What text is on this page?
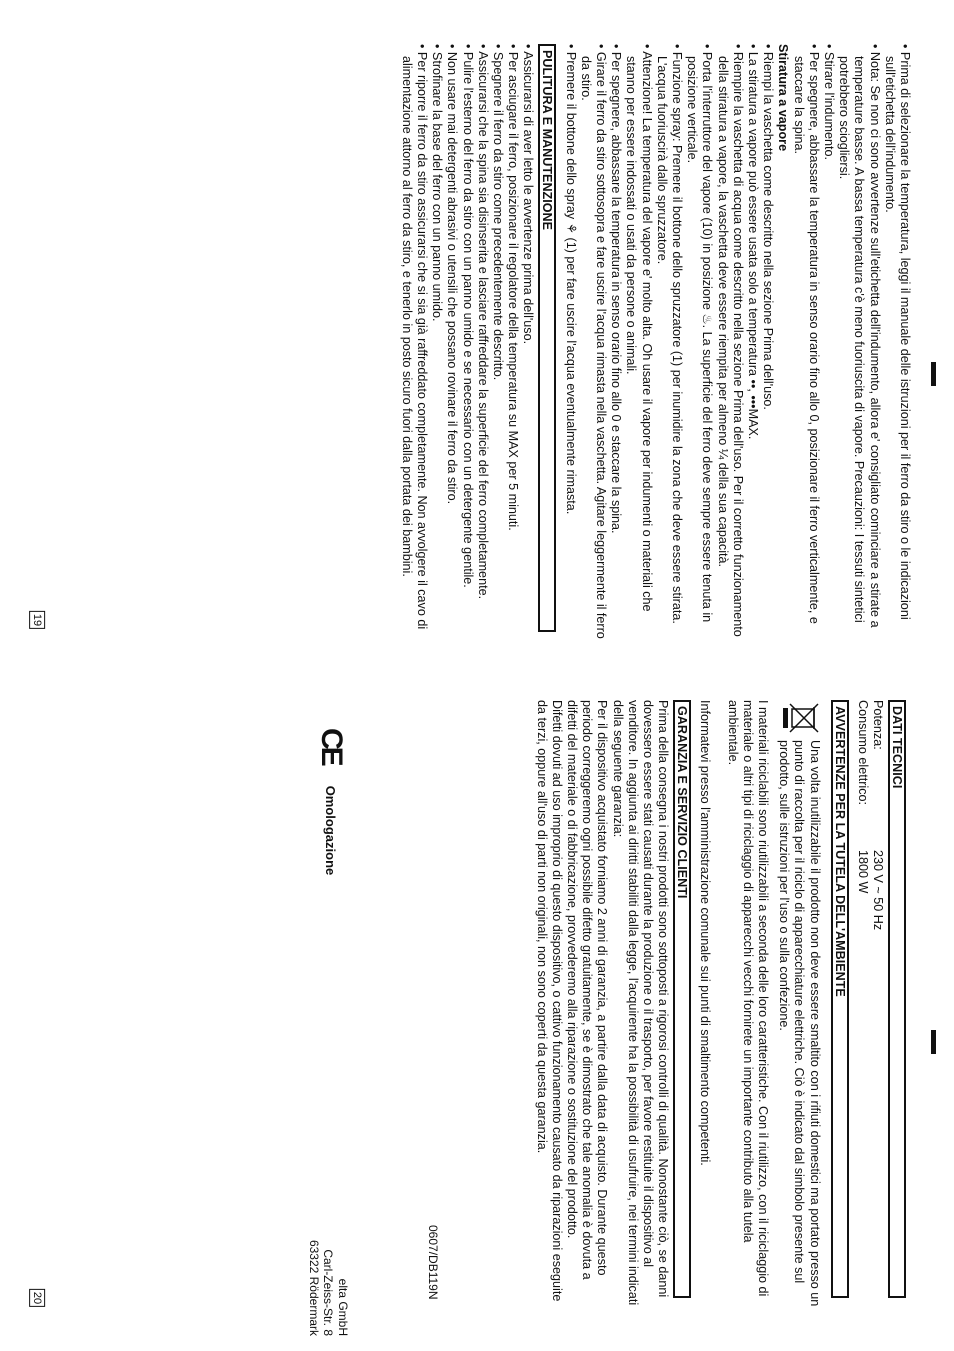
• Prima di selezionare la temperatura, leggi il manuale delle istruzioni per il ferro da stiro o le indicazioni sull'etichetta dell'indumento.

• Nota: Se non ci sono avvertenze sull'etichetta dell'indumento, allora e' consigliato cominciare a stirate a temperature basse. A bassa temperatura c'è meno fuoriuscita di vapore. Precauzioni: I tessuti sintetici potrebbero sciogliersi.

• Stirare l'indumento.

• Per spegnere, abbassare la temperatura in senso orario fino allo 0, posizionare il ferro verticalmente, e staccare la spina.

Stiratura a vapore

• Riempi la vaschetta come descritto nella sezione Prima dell'uso.

• La stiratura a vapore può essere usata solo a temperatura ••, •••MAX.

• Riempire la vaschetta di acqua come descritto nella sezione Prima dell'uso. Per il corretto funzionamento della stiratura a vapore, la vaschetta deve essere riempita per almeno ¼ della sua capacità.

• Porta l'interruttore del vapore (10) in posizione ♨. La superficie del ferro deve sempre essere tenuta in posizione verticale.

• Funzione spray: Premere il bottone dello spruzzatore (1) per inumidire la zona che deve essere stirata. L'acqua fuoriuscirà dallo spruzzatore.

• Attenzione! La temperatura del vapore e' molto alta. Oh usare il vapore per indumenti o materiali che stanno per essere indossati o usati da persone o animali.

• Per spegnere, abbassare la temperatura in senso orario fino allo 0 e staccare la spina.

• Girare il ferro da stiro sottosopra e fare uscire l'acqua rimasta nella vaschetta. Agitare leggermente il ferro da stiro.

• Premere il bottone dello spray ⚘ (1) per fare uscire l'acqua eventualmente rimasta.

PULITURA E MANUTENZIONE

• Assicurarsi di aver letto le avvertenze prima dell'uso.

• Per asciugare il ferro, posizionare il regolatore della temperatura su MAX per 5 minuti.

• Spegnere il ferro da stiro come precedentemente descritto.

• Assicurarsi che la spina sia disinserita e lasciare raffreddare la superficie del ferro completamente.

• Pulire l'esterno del ferro da stiro con un panno umido e se necessario con un detergente gentile.

• Non usare mai detergenti abrasivi o utensili che possano rovinare il ferro da stiro.

• Strofinare la base del ferro con un panno umido.

• Per riporre il ferro da stiro assicurarsi che si sia già raffreddato completamente. Non avvolgere il cavo di alimentazione attorno al ferro da stiro, e tenerlo in posto sicuro fuori dalla portata dei bambini.

19
DATI TECNICI
Potenza:
230 V ~ 50 Hz
Consumo elettrico:
1800 W
AVVERTENZE PER LA TUTELA DELL'AMBIENTE

Una volta inutilizzabile il prodotto non deve essere smaltito con i rifiuti domestici ma portato presso un punto di raccolta per il riciclo di apparecchiature elettriche. Ciò è indicato dal simbolo presente sul prodotto, sulle istruzioni per l'uso o sulla confezione.

I materiali riciclabili sono riutilizzabili a seconda delle loro caratteristiche. Con il riutilizzo, con il riciclaggio di materiale o altri tipi di riciclaggio di apparecchi vecchi fornirete un importante contributo alla tutela ambientale.

Informatevi presso l'amministrazione comunale sui punti di smaltimento competenti.

GARANZIA E SERVIZIO CLIENTI

Prima della consegna i nostri prodotti sono sottoposti a rigorosi controlli di qualità. Nonostante ciò, se danni dovessero essere stati causati durante la produzione o il trasporto, per favore restituite il dispositivo al venditore. In aggiunta ai diritti stabiliti dalla legge, l'acquirente ha la possibilità di usufruire, nei termini indicati della seguente garanzia:

Per il dispositivo acquistato forniamo 2 anni di garanzia, a partire dalla data di acquisto. Durante questo periodo correggeremo ogni possibile difetto gratuitamente, se è dimostrato che tale anomalia è dovuta a difetti del materiale o di fabbricazione, provvederemo alla riparazione o sostituzione del prodotto.

Difetti dovuti ad uso improprio di questo dispositivo, o cattivo funzionamento causato da riparazioni eseguite da terzi, oppure all'uso di parti non originali, non sono coperti da questa garanzia.

0607/DB119N
CE
Omologazione
elta GmbH
Carl-Zeiss-Str. 8
63322 Rödermark
20
